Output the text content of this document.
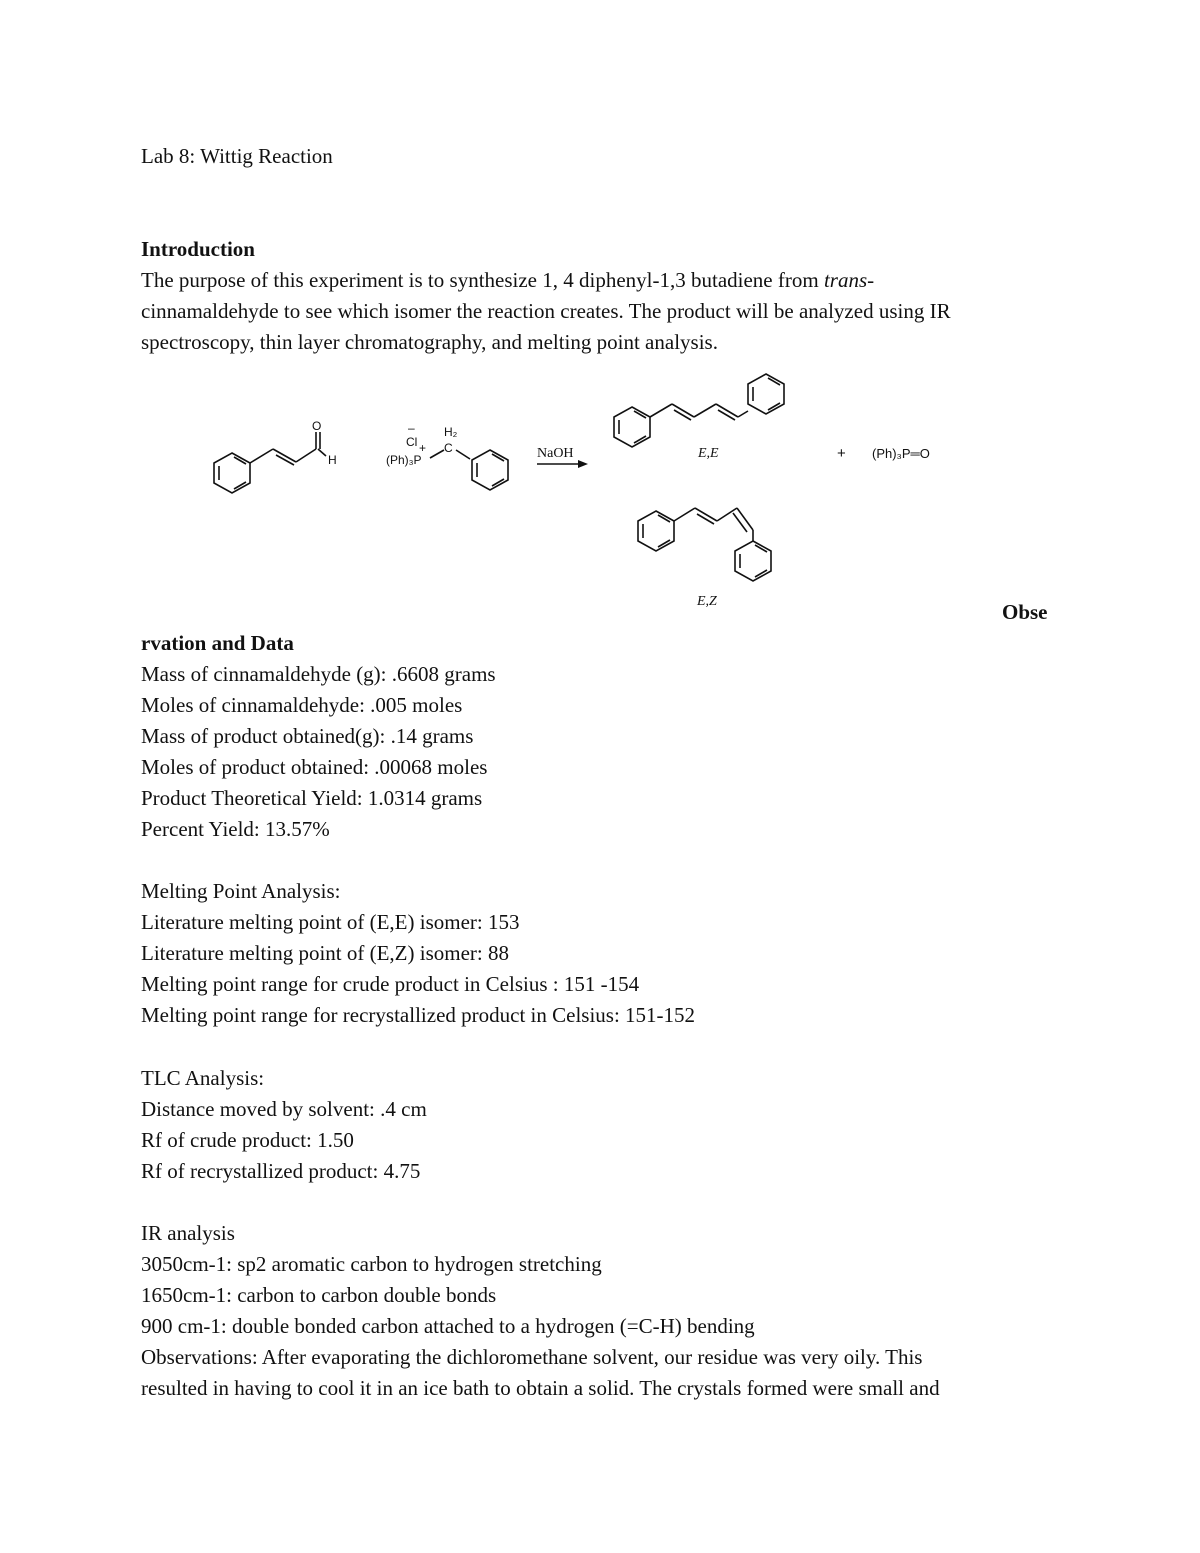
Lab 8: Wittig Reaction
Introduction
The purpose of this experiment is to synthesize 1, 4 diphenyl-1,3 butadiene from trans-
cinnamaldehyde to see which isomer the reaction creates. The product will be analyzed using IR
spectroscopy, thin layer chromatography, and melting point analysis.
O
H
–
Cl +
(Ph)₃P
H₂
C	NaOH	E,E
E,Z
+ (Ph)₃P═O
Obse
rvation and Data
Mass of cinnamaldehyde (g): .6608 grams
Moles of cinnamaldehyde: .005 moles
Mass of product obtained(g): .14 grams
Moles of product obtained: .00068 moles
Product Theoretical Yield: 1.0314 grams
Percent Yield: 13.57%
Melting Point Analysis:
Literature melting point of (E,E) isomer: 153
Literature melting point of (E,Z) isomer: 88
Melting point range for crude product in Celsius : 151 -154
Melting point range for recrystallized product in Celsius: 151-152
TLC Analysis:
Distance moved by solvent: .4 cm
Rf of crude product: 1.50
Rf of recrystallized product: 4.75
IR analysis
3050cm-1: sp2 aromatic carbon to hydrogen stretching
1650cm-1: carbon to carbon double bonds
900 cm-1: double bonded carbon attached to a hydrogen (=C-H) bending
Observations: After evaporating the dichloromethane solvent, our residue was very oily. This
resulted in having to cool it in an ice bath to obtain a solid. The crystals formed were small and
